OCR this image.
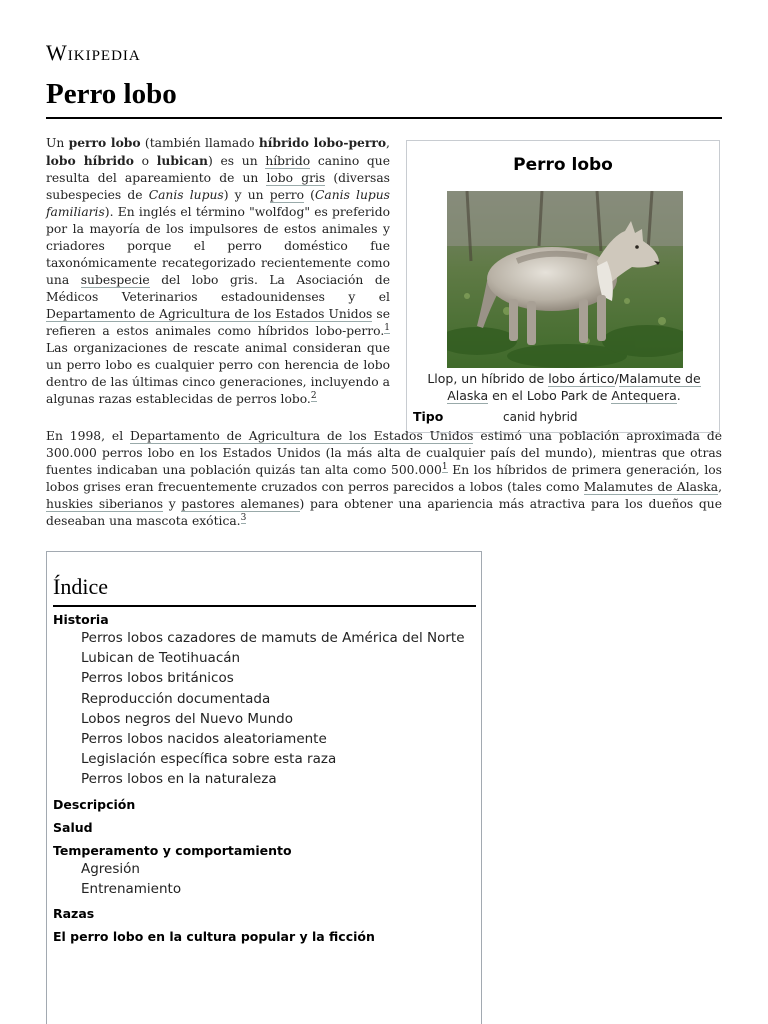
Wikipedia
Perro lobo
Un perro lobo (también llamado híbrido lobo-perro, lobo híbrido o lubican) es un híbrido canino que resulta del apareamiento de un lobo gris (diversas subespecies de Canis lupus) y un perro (Canis lupus familiaris). En inglés el término "wolfdog" es preferido por la mayoría de los impulsores de estos animales y criadores porque el perro doméstico fue taxonómicamente recategorizado recientemente como una subespecie del lobo gris. La Asociación de Médicos Veterinarios estadounidenses y el Departamento de Agricultura de los Estados Unidos se refieren a estos animales como híbridos lobo-perro.$^1$ Las organizaciones de rescate animal consideran que un perro lobo es cualquier perro con herencia de lobo dentro de las últimas cinco generaciones, incluyendo a algunas razas establecidas de perros lobo.$^2$
Perro lobo
Llop, un híbrido de lobo ártico/Malamute de Alaska en el Lobo Park de Antequera.
Tipo	canid hybrid
En 1998, el Departamento de Agricultura de los Estados Unidos estimó una población aproximada de 300.000 perros lobo en los Estados Unidos (la más alta de cualquier país del mundo), mientras que otras fuentes indicaban una población quizás tan alta como 500.000$^1$ En los híbridos de primera generación, los lobos grises eran frecuentemente cruzados con perros parecidos a lobos (tales como Malamutes de Alaska, huskies siberianos y pastores alemanes) para obtener una apariencia más atractiva para los dueños que deseaban una mascota exótica.$^3$
Índice
Historia
Perros lobos cazadores de mamuts de América del Norte
Lubican de Teotihuacán
Perros lobos británicos
Reproducción documentada
Lobos negros del Nuevo Mundo
Perros lobos nacidos aleatoriamente
Legislación específica sobre esta raza
Perros lobos en la naturaleza
Descripción
Salud
Temperamento y comportamiento
Agresión
Entrenamiento
Razas
El perro lobo en la cultura popular y la ficción
